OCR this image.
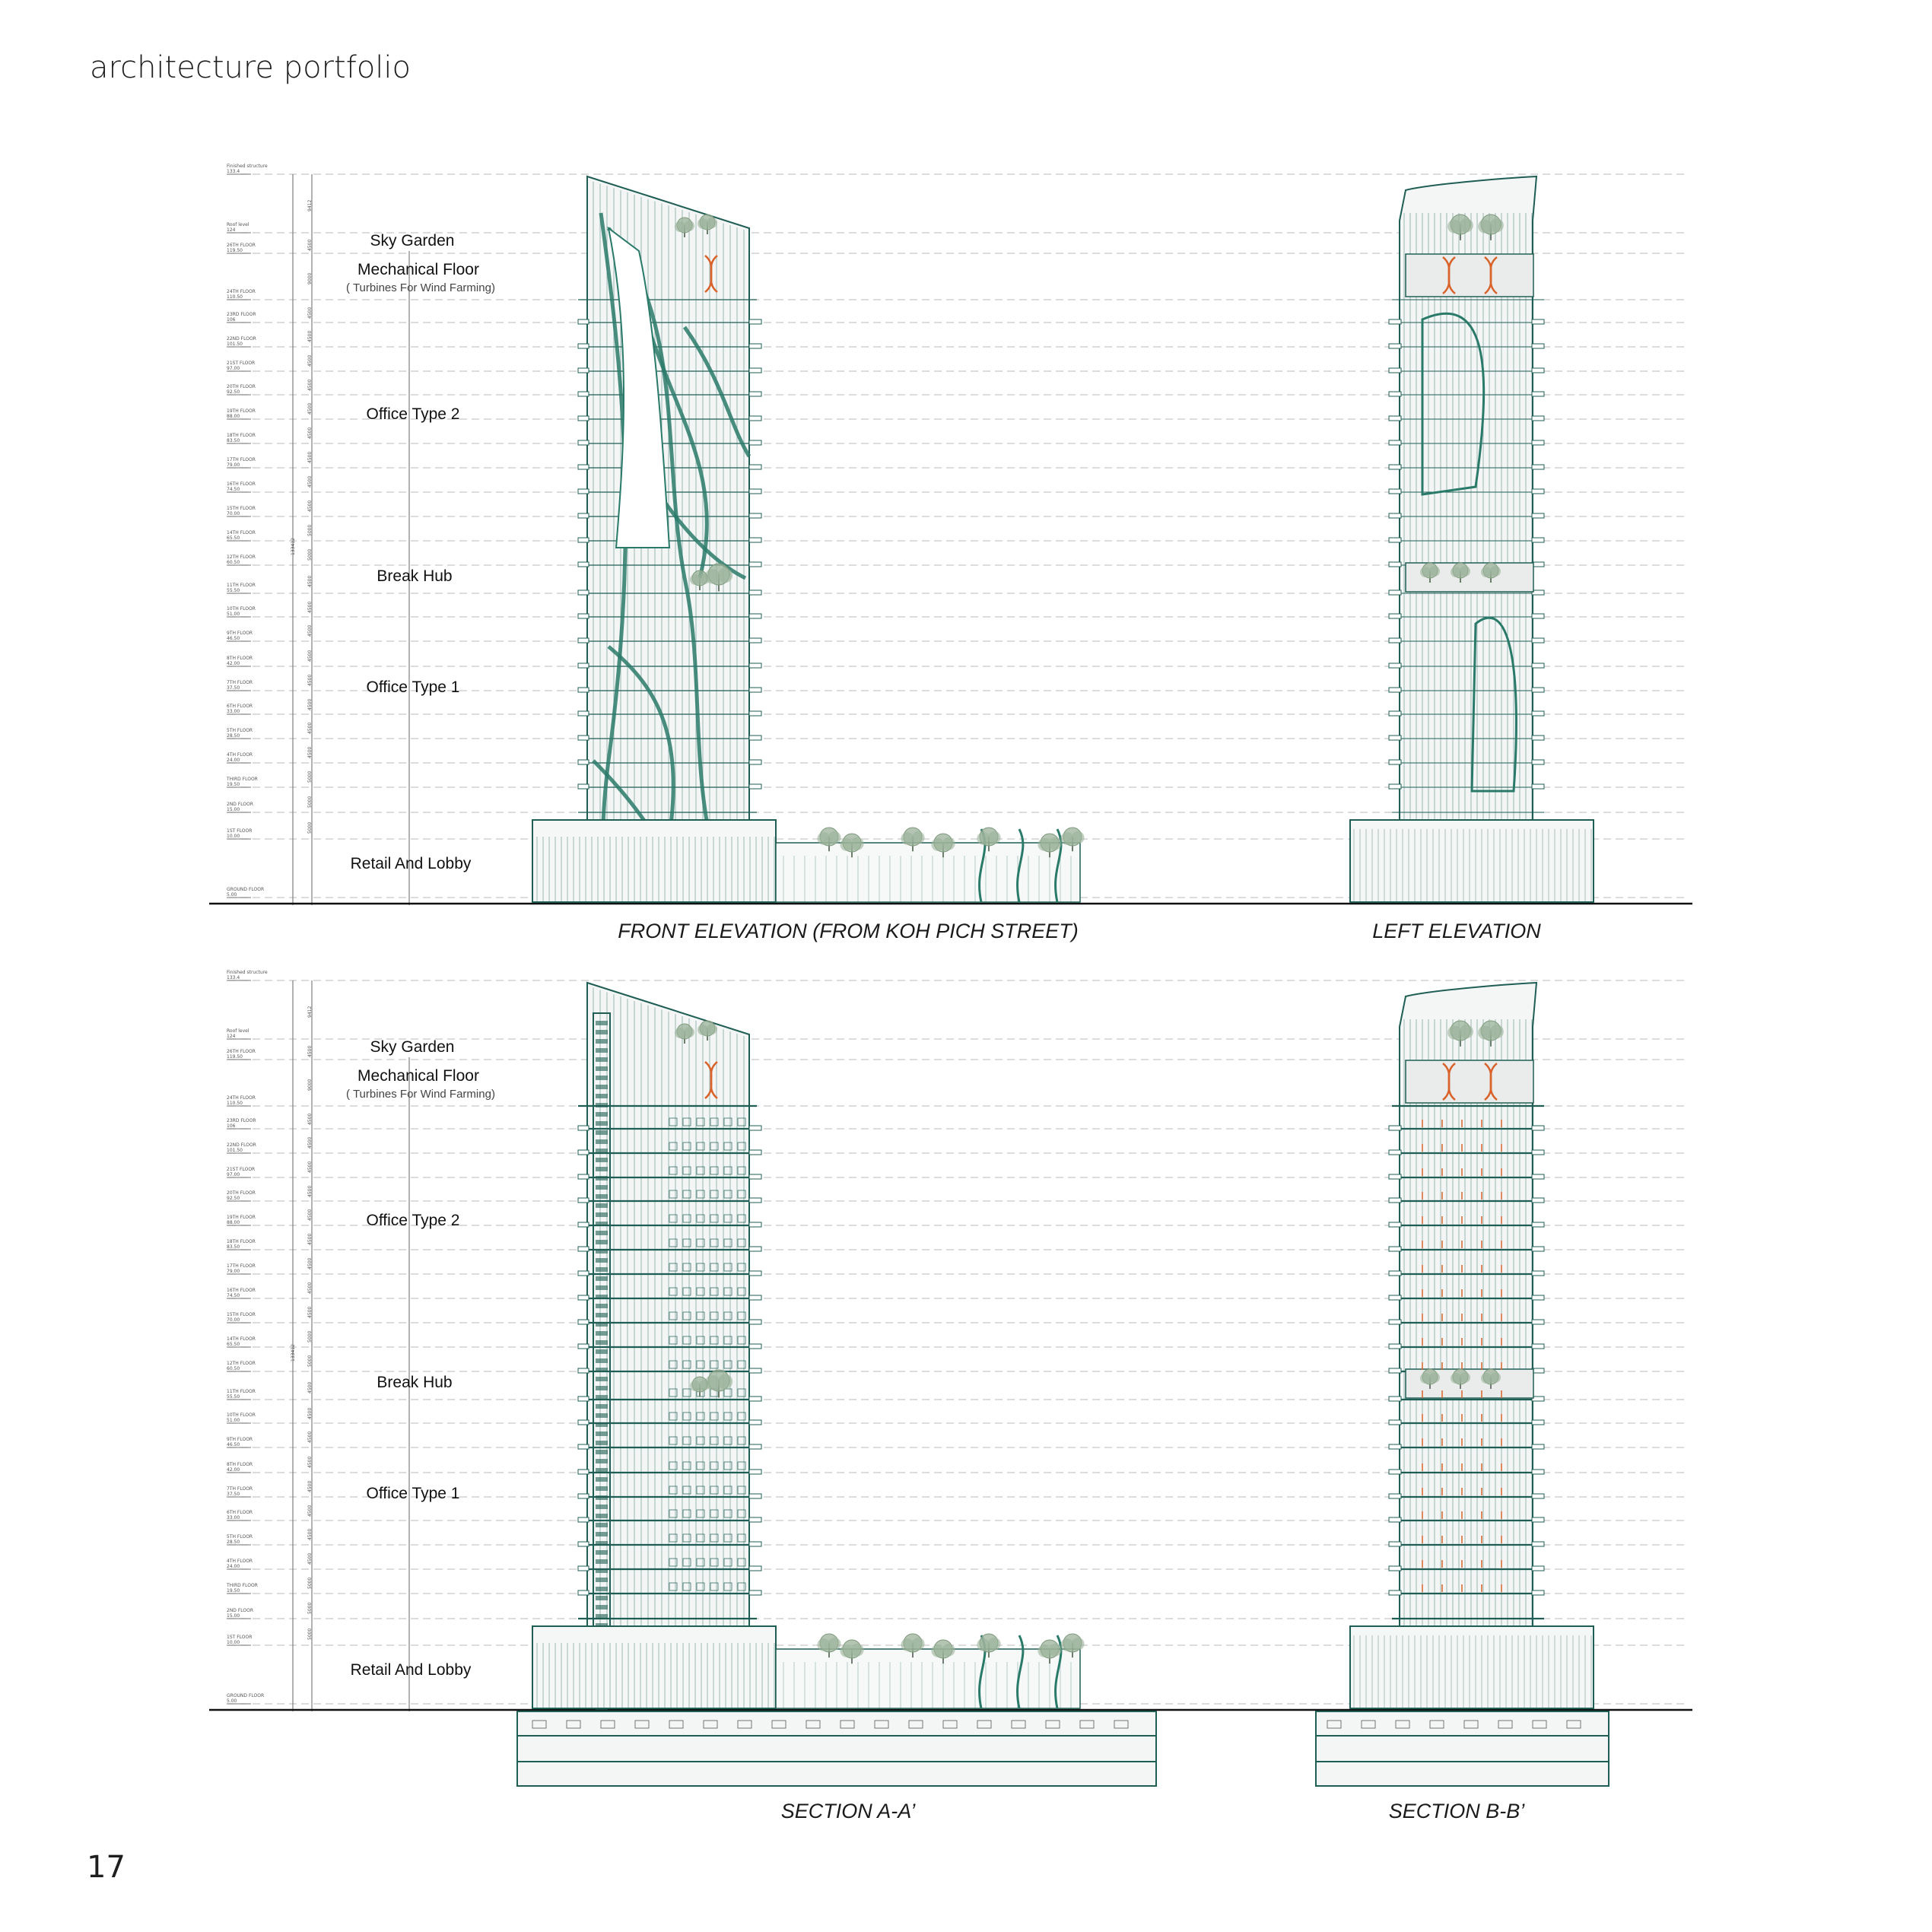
architecture portfolio
17
Finished structure
133.4
Roof level
124
26TH FLOOR
119.50
24TH FLOOR
110.50
23RD FLOOR
106
22ND FLOOR
101.50
21ST FLOOR
97.00
20TH FLOOR
92.50
19TH FLOOR
88.00
18TH FLOOR
83.50
17TH FLOOR
79.00
16TH FLOOR
74.50
15TH FLOOR
70.00
14TH FLOOR
65.50
12TH FLOOR
60.50
11TH FLOOR
55.50
10TH FLOOR
51.00
9TH FLOOR
46.50
8TH FLOOR
42.00
7TH FLOOR
37.50
6TH FLOOR
33.00
5TH FLOOR
28.50
4TH FLOOR
24.00
THIRD FLOOR
19.50
2ND FLOOR
15.00
1ST FLOOR
10.00
GROUND FLOOR
5.00
9412
4500
9000
4500
4500
4500
4500
4500
4500
4500
4500
4500
5000
5000
4500
4500
4500
4500
4500
4500
4500
4500
5000
5000
5000
133412
Finished structure
133.4
Roof level
124
26TH FLOOR
119.50
24TH FLOOR
110.50
23RD FLOOR
106
22ND FLOOR
101.50
21ST FLOOR
97.00
20TH FLOOR
92.50
19TH FLOOR
88.00
18TH FLOOR
83.50
17TH FLOOR
79.00
16TH FLOOR
74.50
15TH FLOOR
70.00
14TH FLOOR
65.50
12TH FLOOR
60.50
11TH FLOOR
55.50
10TH FLOOR
51.00
9TH FLOOR
46.50
8TH FLOOR
42.00
7TH FLOOR
37.50
6TH FLOOR
33.00
5TH FLOOR
28.50
4TH FLOOR
24.00
THIRD FLOOR
19.50
2ND FLOOR
15.00
1ST FLOOR
10.00
GROUND FLOOR
5.00
9412
4500
9000
4500
4500
4500
4500
4500
4500
4500
4500
4500
5000
5000
4500
4500
4500
4500
4500
4500
4500
4500
5000
5000
5000
133412
Sky Garden
Mechanical Floor
( Turbines For Wind Farming)
Office Type 2
Break Hub
Office Type 1
Retail And Lobby
Sky Garden
Mechanical Floor
( Turbines For Wind Farming)
Office Type 2
Break Hub
Office Type 1
Retail And Lobby
FRONT ELEVATION (FROM KOH PICH STREET)	LEFT ELEVATION
SECTION A-A’	SECTION B-B’
